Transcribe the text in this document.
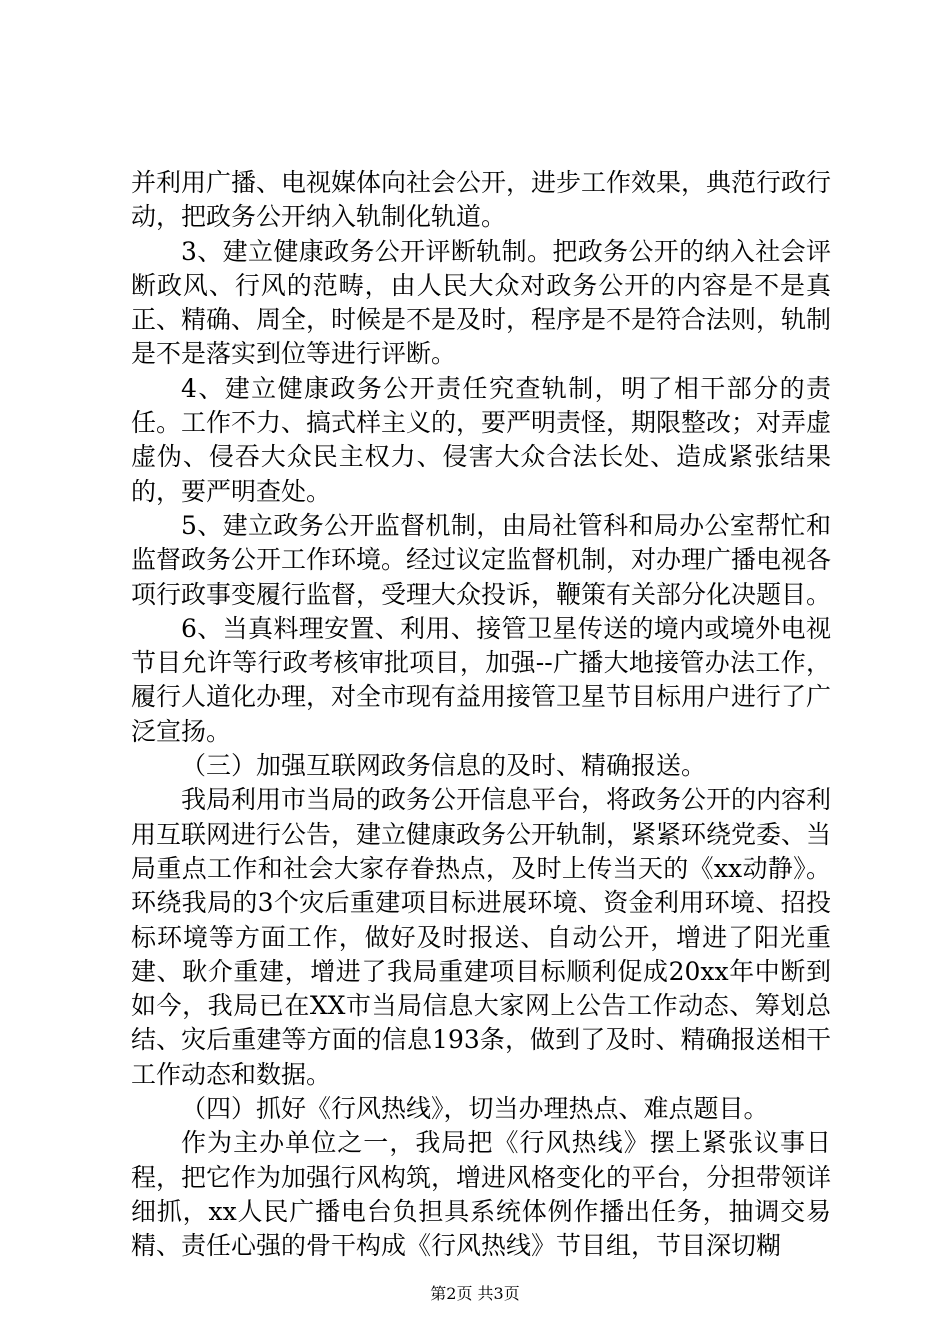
并利用广播、电视媒体向社会公开，进步工作效果，典范行政行动，把政务公开纳入轨制化轨道。

3、建立健康政务公开评断轨制。把政务公开的纳入社会评断政风、行风的范畴，由人民大众对政务公开的内容是不是真正、精确、周全，时候是不是及时，程序是不是符合法则，轨制是不是落实到位等进行评断。

4、建立健康政务公开责任究查轨制，明了相干部分的责任。工作不力、搞式样主义的，要严明责怪，期限整改；对弄虚虚伪、侵吞大众民主权力、侵害大众合法长处、造成紧张结果的，要严明查处。

5、建立政务公开监督机制，由局社管科和局办公室帮忙和监督政务公开工作环境。经过议定监督机制，对办理广播电视各项行政事变履行监督，受理大众投诉，鞭策有关部分化决题目。

6、当真料理安置、利用、接管卫星传送的境内或境外电视节目允许等行政考核审批项目，加强--广播大地接管办法工作，履行人道化办理，对全市现有益用接管卫星节目标用户进行了广泛宣扬。

（三）加强互联网政务信息的及时、精确报送。

我局利用市当局的政务公开信息平台，将政务公开的内容利用互联网进行公告，建立健康政务公开轨制，紧紧环绕党委、当局重点工作和社会大家存眷热点，及时上传当天的《xx动静》。环绕我局的3个灾后重建项目标进展环境、资金利用环境、招投标环境等方面工作，做好及时报送、自动公开，增进了阳光重建、耿介重建，增进了我局重建项目标顺利促成20xx年中断到如今，我局已在XX市当局信息大家网上公告工作动态、筹划总结、灾后重建等方面的信息193条，做到了及时、精确报送相干工作动态和数据。

（四）抓好《行风热线》，切当办理热点、难点题目。

作为主办单位之一，我局把《行风热线》摆上紧张议事日程，把它作为加强行风构筑，增进风格变化的平台，分担带领详细抓，xx人民广播电台负担具系统体例作播出任务，抽调交易精、责任心强的骨干构成《行风热线》节目组，节目深切糊

第2页 共3页
